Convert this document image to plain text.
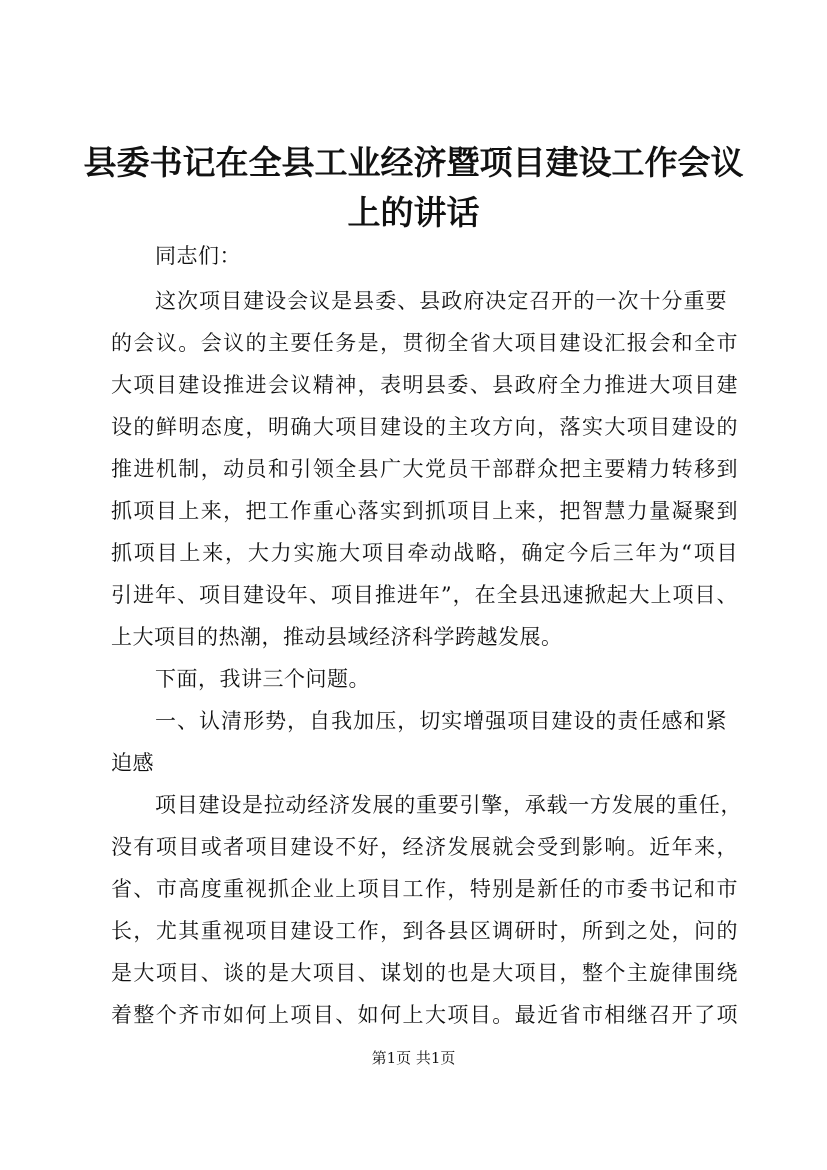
县委书记在全县工业经济暨项目建设工作会议
上的讲话
同志们：
这次项目建设会议是县委、县政府决定召开的一次十分重要
的会议。会议的主要任务是，贯彻全省大项目建设汇报会和全市
大项目建设推进会议精神，表明县委、县政府全力推进大项目建
设的鲜明态度，明确大项目建设的主攻方向，落实大项目建设的
推进机制，动员和引领全县广大党员干部群众把主要精力转移到
抓项目上来，把工作重心落实到抓项目上来，把智慧力量凝聚到
抓项目上来，大力实施大项目牵动战略，确定今后三年为“项目
引进年、项目建设年、项目推进年”，在全县迅速掀起大上项目、
上大项目的热潮，推动县域经济科学跨越发展。
下面，我讲三个问题。
一、认清形势，自我加压，切实增强项目建设的责任感和紧
迫感
项目建设是拉动经济发展的重要引擎，承载一方发展的重任，
没有项目或者项目建设不好，经济发展就会受到影响。近年来，
省、市高度重视抓企业上项目工作，特别是新任的市委书记和市
长，尤其重视项目建设工作，到各县区调研时，所到之处，问的
是大项目、谈的是大项目、谋划的也是大项目，整个主旋律围绕
着整个齐市如何上项目、如何上大项目。最近省市相继召开了项
第1页 共1页
